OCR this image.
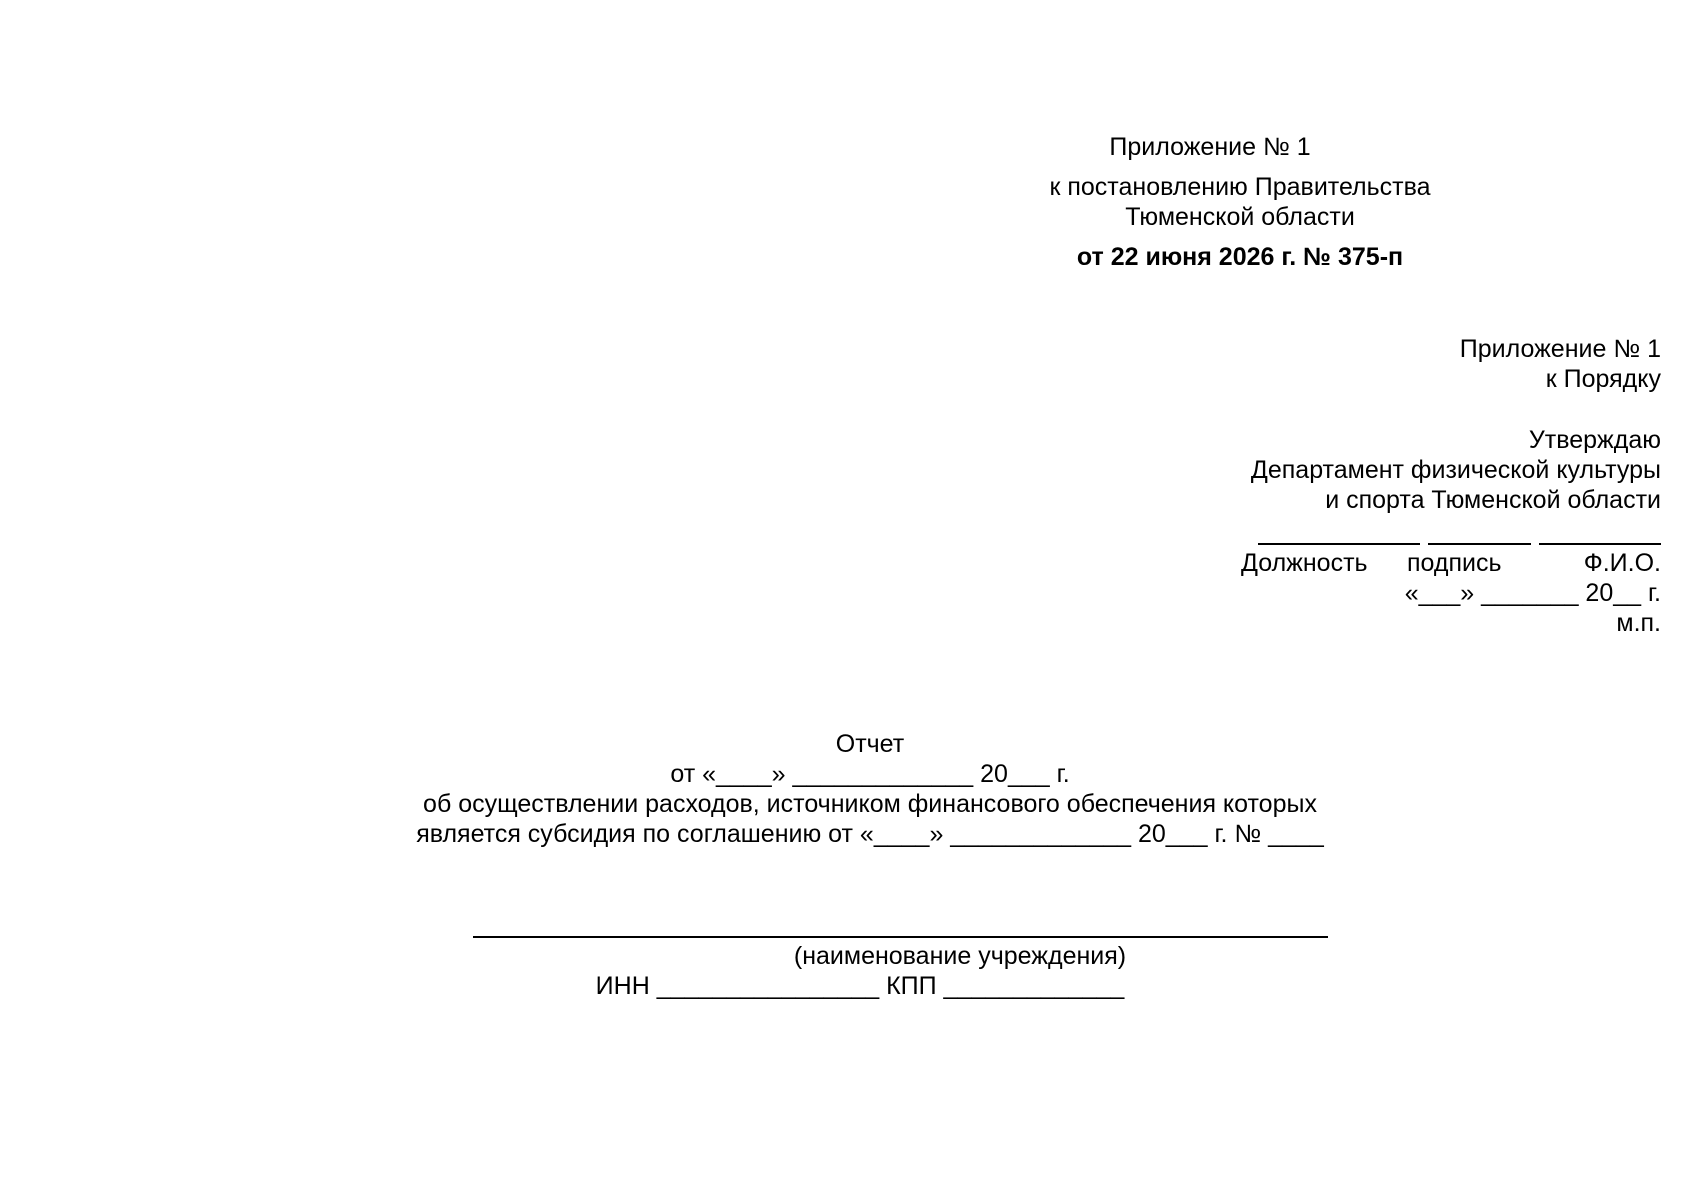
Приложение № 1
к постановлению Правительства
Тюменской области
от 22 июня 2026 г. № 375-п
Приложение № 1
к Порядку
Утверждаю
Департамент физической культуры
и спорта Тюменской области
Должность подпись	Ф.И.О.
«___» _______ 20__ г.
м.п.
Отчет
от «____» _____________ 20___ г.
об осуществлении расходов, источником финансового обеспечения которых
является субсидия по соглашению от «____» _____________ 20___ г. № ____
(наименование учреждения)
ИНН ________________ КПП _____________
